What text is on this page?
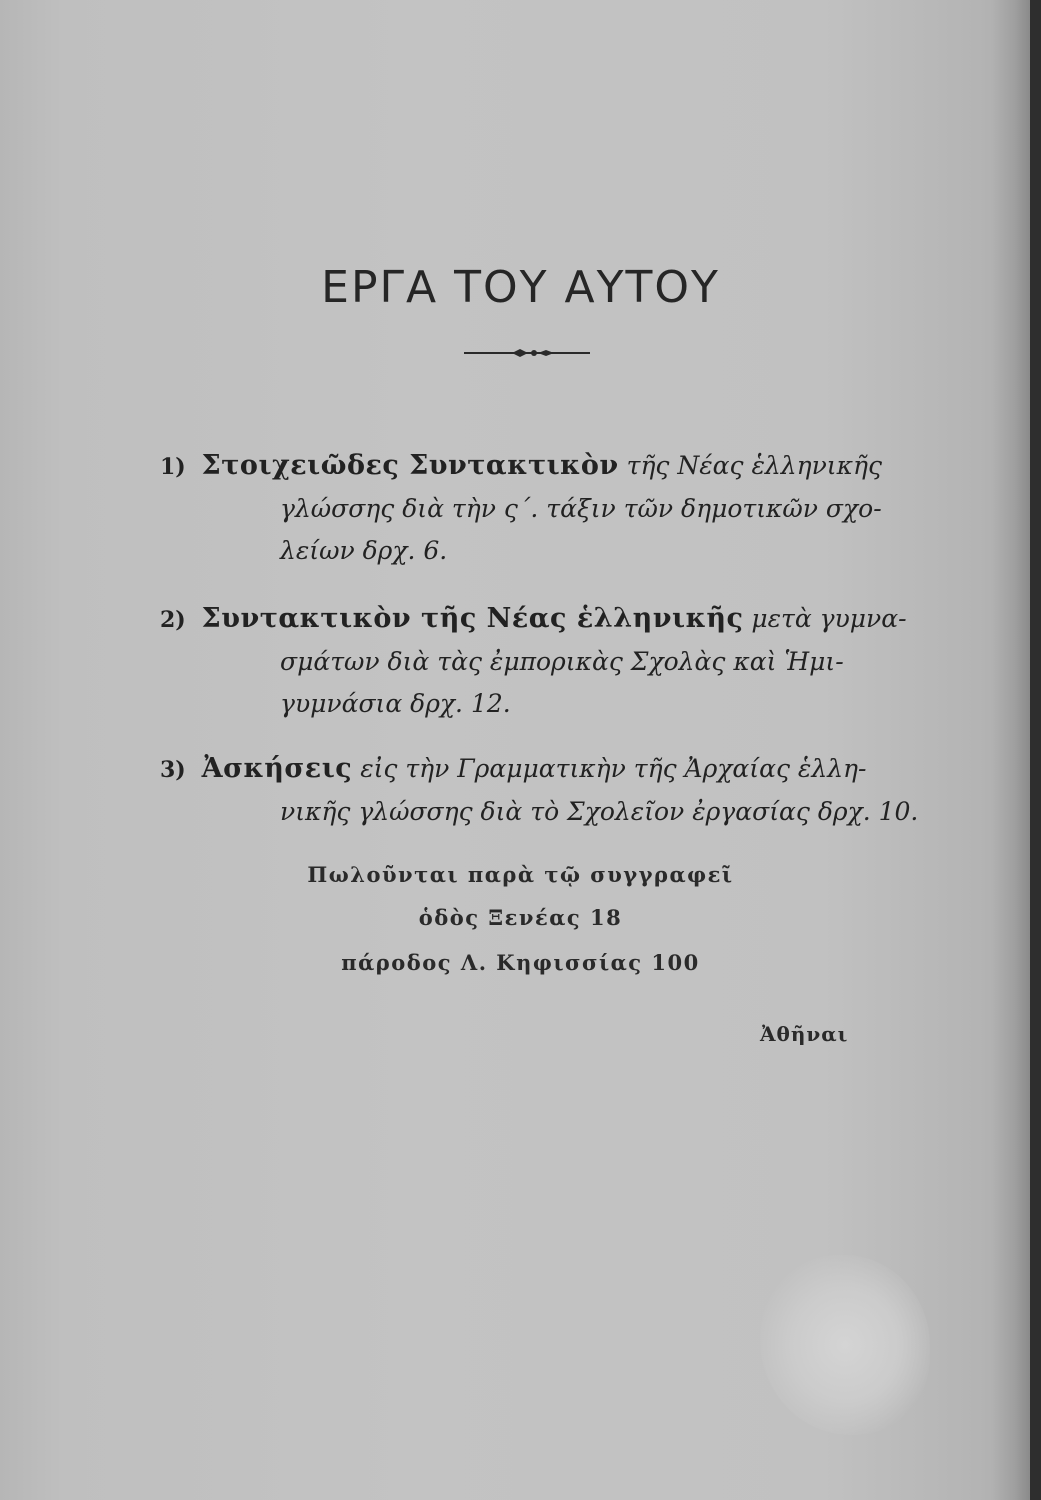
ΕΡΓΑ ΤΟΥ ΑΥΤΟΥ
1) Στοιχειῶδες Συντακτικὸν τῆς Νέας ἑλληνικῆς
γλώσσης διὰ τὴν ς΄. τάξιν τῶν δημοτικῶν σχο-
λείων δρχ. 6.
2) Συντακτικὸν τῆς Νέας ἑλληνικῆς μετὰ γυμνα-
σμάτων διὰ τὰς ἐμπορικὰς Σχολὰς καὶ Ἡμι-
γυμνάσια δρχ. 12.
3) Ἀσκήσεις εἰς τὴν Γραμματικὴν τῆς Ἀρχαίας ἑλλη-
νικῆς γλώσσης διὰ τὸ Σχολεῖον ἐργασίας δρχ. 10.
Πωλοῦνται παρὰ τῷ συγγραφεῖ
ὁδὸς Ξενέας 18
πάροδος Λ. Κηφισσίας 100
Ἀθῆναι
